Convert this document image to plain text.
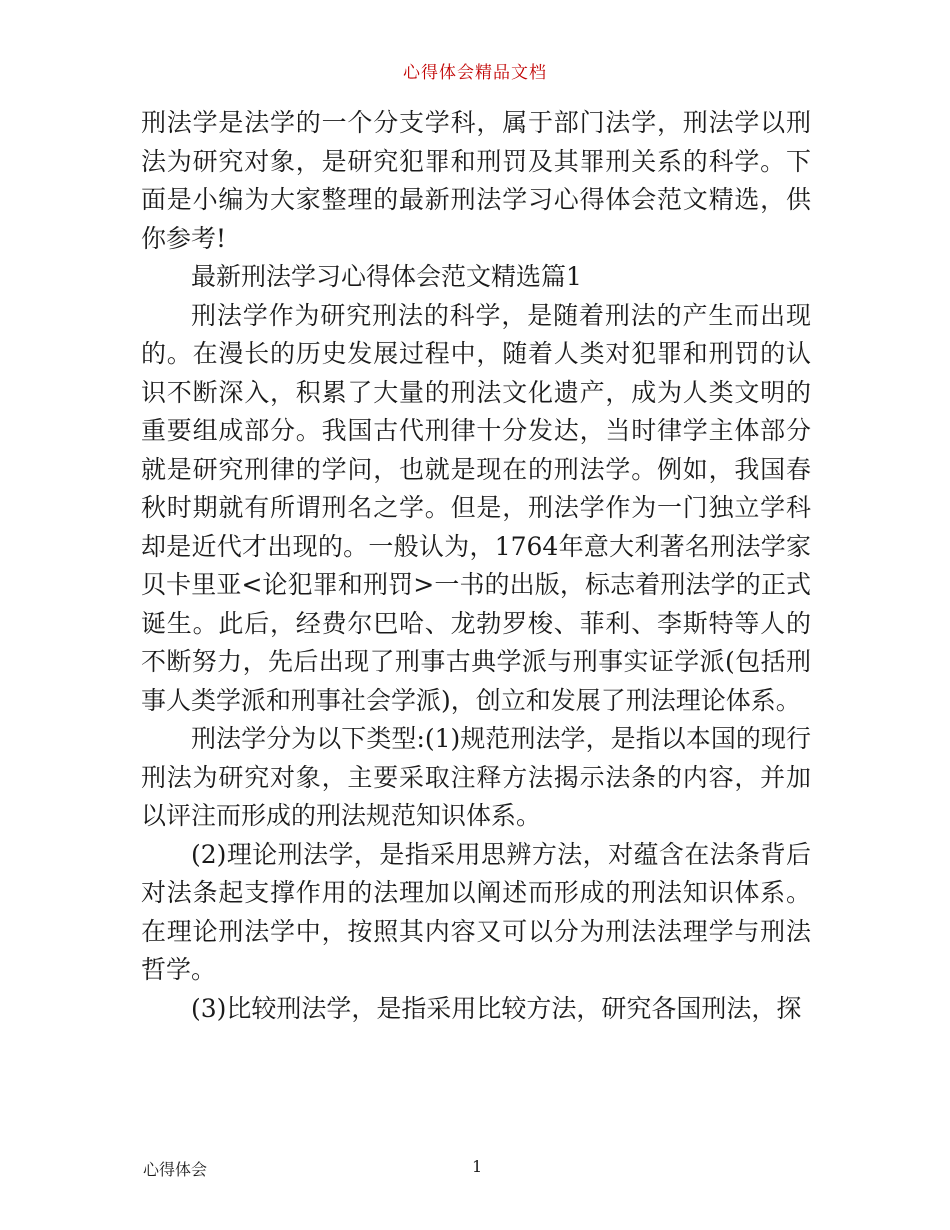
心得体会精品文档

刑法学是法学的一个分支学科，属于部门法学，刑法学以刑法为研究对象，是研究犯罪和刑罚及其罪刑关系的科学。下面是小编为大家整理的最新刑法学习心得体会范文精选，供你参考!

最新刑法学习心得体会范文精选篇1

刑法学作为研究刑法的科学，是随着刑法的产生而出现的。在漫长的历史发展过程中，随着人类对犯罪和刑罚的认识不断深入，积累了大量的刑法文化遗产，成为人类文明的重要组成部分。我国古代刑律十分发达，当时律学主体部分就是研究刑律的学问，也就是现在的刑法学。例如，我国春秋时期就有所谓刑名之学。但是，刑法学作为一门独立学科却是近代才出现的。一般认为，1764年意大利著名刑法学家贝卡里亚<论犯罪和刑罚>一书的出版，标志着刑法学的正式诞生。此后，经费尔巴哈、龙勃罗梭、菲利、李斯特等人的不断努力，先后出现了刑事古典学派与刑事实证学派(包括刑事人类学派和刑事社会学派)，创立和发展了刑法理论体系。

刑法学分为以下类型:(1)规范刑法学，是指以本国的现行刑法为研究对象，主要采取注释方法揭示法条的内容，并加以评注而形成的刑法规范知识体系。

(2)理论刑法学，是指采用思辨方法，对蕴含在法条背后对法条起支撑作用的法理加以阐述而形成的刑法知识体系。在理论刑法学中，按照其内容又可以分为刑法法理学与刑法哲学。

(3)比较刑法学，是指采用比较方法，研究各国刑法，探

心得体会	1
